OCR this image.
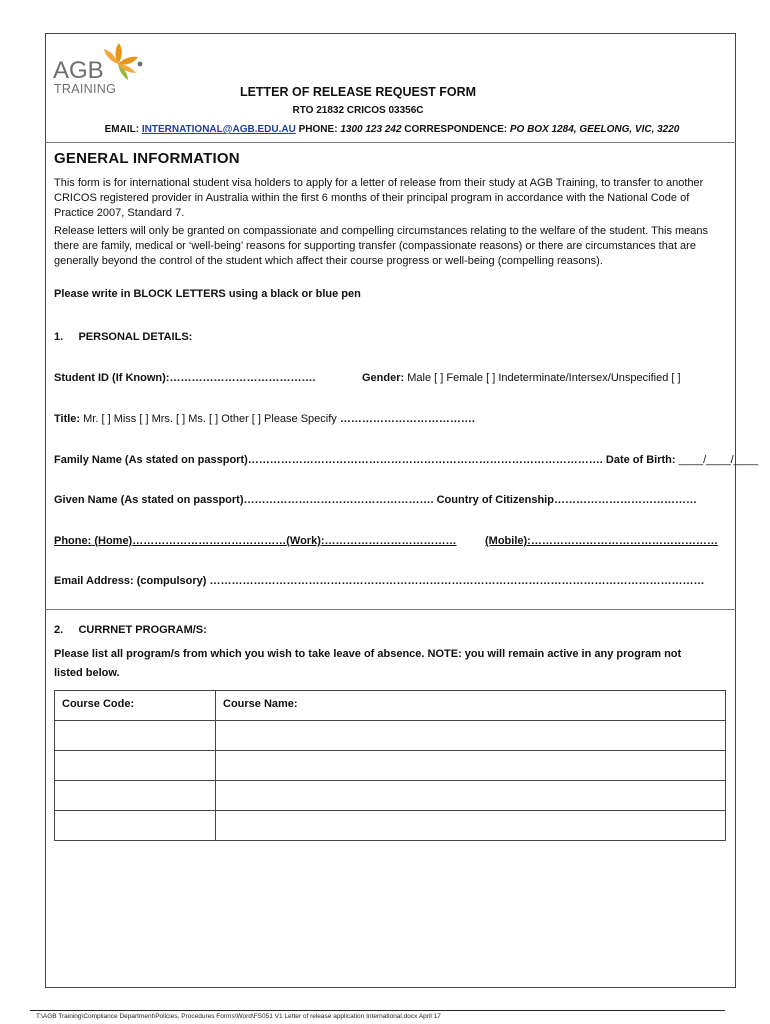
AGB
TRAINING	LETTER OF RELEASE REQUEST FORM
RTO 21832 CRICOS 03356C
EMAIL: INTERNATIONAL@AGB.EDU.AU PHONE: 1300 123 242 CORRESPONDENCE: PO BOX 1284, GEELONG, VIC, 3220
GENERAL INFORMATION
This form is for international student visa holders to apply for a letter of release from their study at AGB Training, to transfer to another CRICOS registered provider in Australia within the first 6 months of their principal program in accordance with the National Code of Practice 2007, Standard 7.
Release letters will only be granted on compassionate and compelling circumstances relating to the welfare of the student. This means there are family, medical or ‘well-being’ reasons for supporting transfer (compassionate reasons) or there are circumstances that are generally beyond the control of the student which affect their course progress or well-being (compelling reasons).
Please write in BLOCK LETTERS using a black or blue pen
1.     PERSONAL DETAILS:
Student ID (If Known):………………………………….	Gender: Male [ ] Female [ ] Indeterminate/Intersex/Unspecified [ ]
Title: Mr. [ ] Miss [ ] Mrs. [ ] Ms. [ ] Other [ ] Please Specify ……………………………….
Family Name (As stated on passport)……………………………………………………………………………………. Date of Birth: ____/____/____
Given Name (As stated on passport)……………………………………………. Country of Citizenship…………………………………
Phone: (Home)……………………………………(Work):………………………………	(Mobile):……………………………………………
Email Address: (compulsory) ………………………………………………………………………………………………………………………
2.     CURRNET PROGRAM/S:
Please list all program/s from which you wish to take leave of absence. NOTE: you will remain active in any program not
listed below.
Course Code:	Course Name:

T:\AGB Training\Compliance Department\Policies, Procedures Forms\Word\FS051 V1 Letter of release application International.docx April 17
